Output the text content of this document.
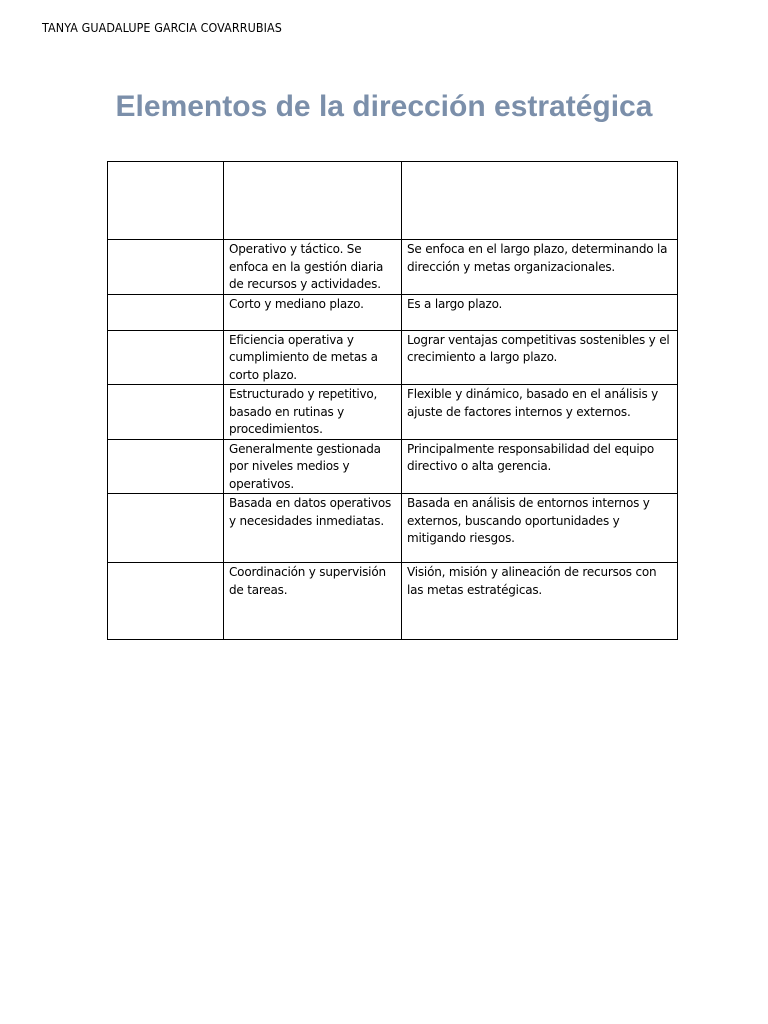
TANYA GUADALUPE GARCIA COVARRUBIAS
Elementos de la dirección estratégica

	Operativo y táctico. Se enfoca en la gestión diaria de recursos y actividades.	Se enfoca en el largo plazo, determinando la dirección y metas organizacionales.
	Corto y mediano plazo.	Es a largo plazo.
	Eficiencia operativa y cumplimiento de metas a corto plazo.	Lograr ventajas competitivas sostenibles y el crecimiento a largo plazo.
	Estructurado y repetitivo, basado en rutinas y procedimientos.	Flexible y dinámico, basado en el análisis y ajuste de factores internos y externos.
	Generalmente gestionada por niveles medios y operativos.	Principalmente responsabilidad del equipo directivo o alta gerencia.
	Basada en datos operativos y necesidades inmediatas.	Basada en análisis de entornos internos y externos, buscando oportunidades y mitigando riesgos.
	Coordinación y supervisión de tareas.	Visión, misión y alineación de recursos con las metas estratégicas.
